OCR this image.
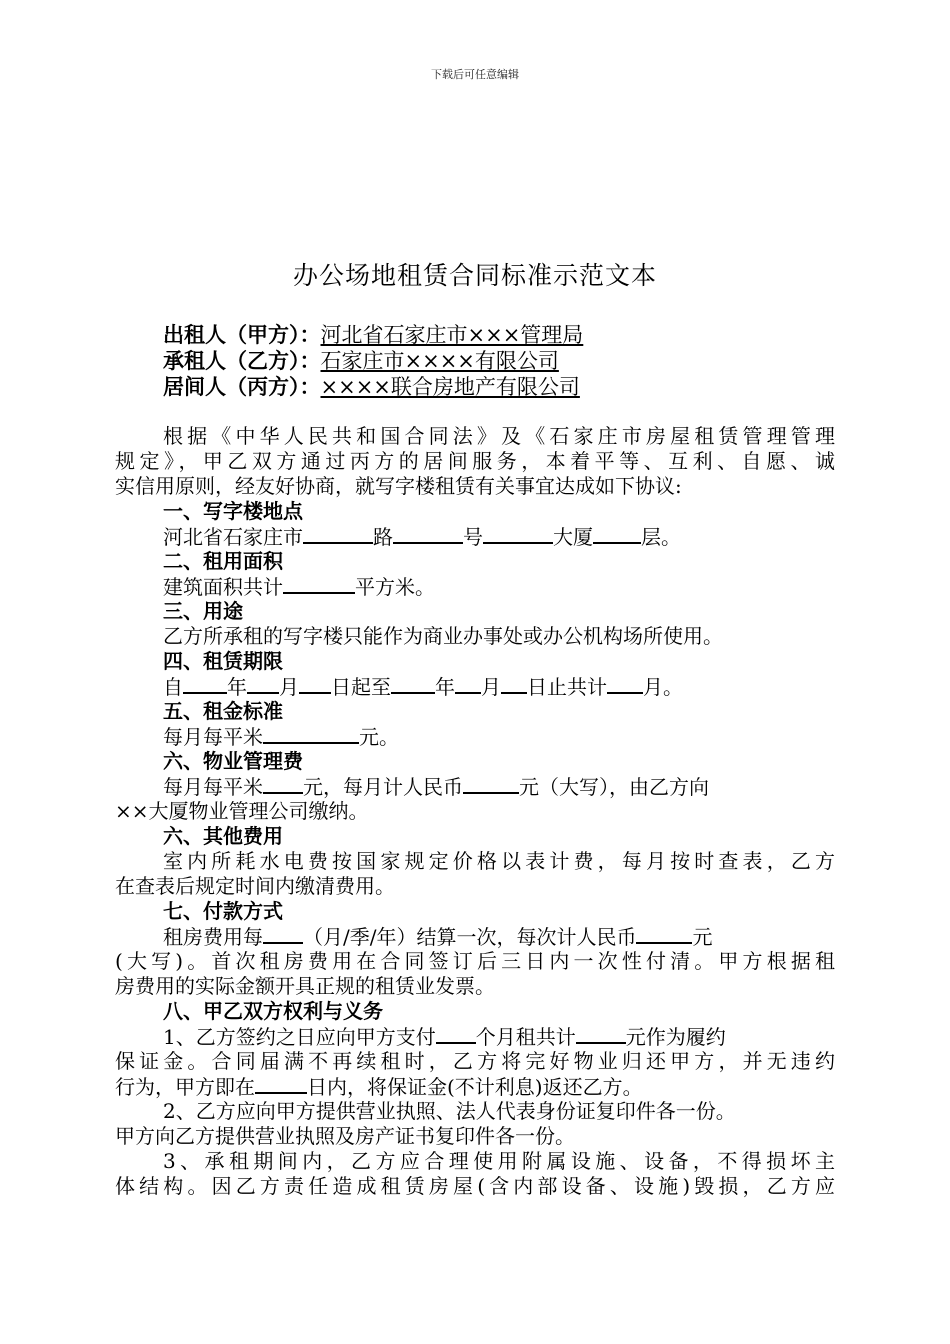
下载后可任意编辑
办公场地租赁合同标准示范文本
出租人（甲方）：河北省石家庄市×××管理局
承租人（乙方）：石家庄市××××有限公司
居间人（丙方）：××××联合房地产有限公司
根据《中华人民共和国合同法》及《石家庄市房屋租赁管理管理
规定》，甲乙双方通过丙方的居间服务，本着平等、互利、自愿、诚
实信用原则，经友好协商，就写字楼租赁有关事宜达成如下协议:
一、写字楼地点
河北省石家庄市	路	号	大厦 层。
二、租用面积
建筑面积共计	平方米。
三、用途
乙方所承租的写字楼只能作为商业办事处或办公机构场所使用。
四、租赁期限
自 年 月 日起至 年 月 日止共计 月。
五、租金标准
每月每平米	元。
六、物业管理费
每月每平米 元，每月计人民币	元（大写），由乙方向
××大厦物业管理公司缴纳。
六、其他费用
室内所耗水电费按国家规定价格以表计费，每月按时查表，乙方
在查表后规定时间内缴清费用。
七、付款方式
租房费用每 （月/季/年）结算一次，每次计人民币	元
(大写)。首次租房费用在合同签订后三日内一次性付清。甲方根据租
房费用的实际金额开具正规的租赁业发票。
八、甲乙双方权利与义务
1、乙方签约之日应向甲方支付 个月租共计	元作为履约
保证金。合同届满不再续租时，乙方将完好物业归还甲方，并无违约
行为，甲方即在	日内，将保证金(不计利息)返还乙方。
2、乙方应向甲方提供营业执照、法人代表身份证复印件各一份。
甲方向乙方提供营业执照及房产证书复印件各一份。
3、承租期间内，乙方应合理使用附属设施、设备，不得损坏主
体结构。因乙方责任造成租赁房屋(含内部设备、设施)毁损，乙方应
